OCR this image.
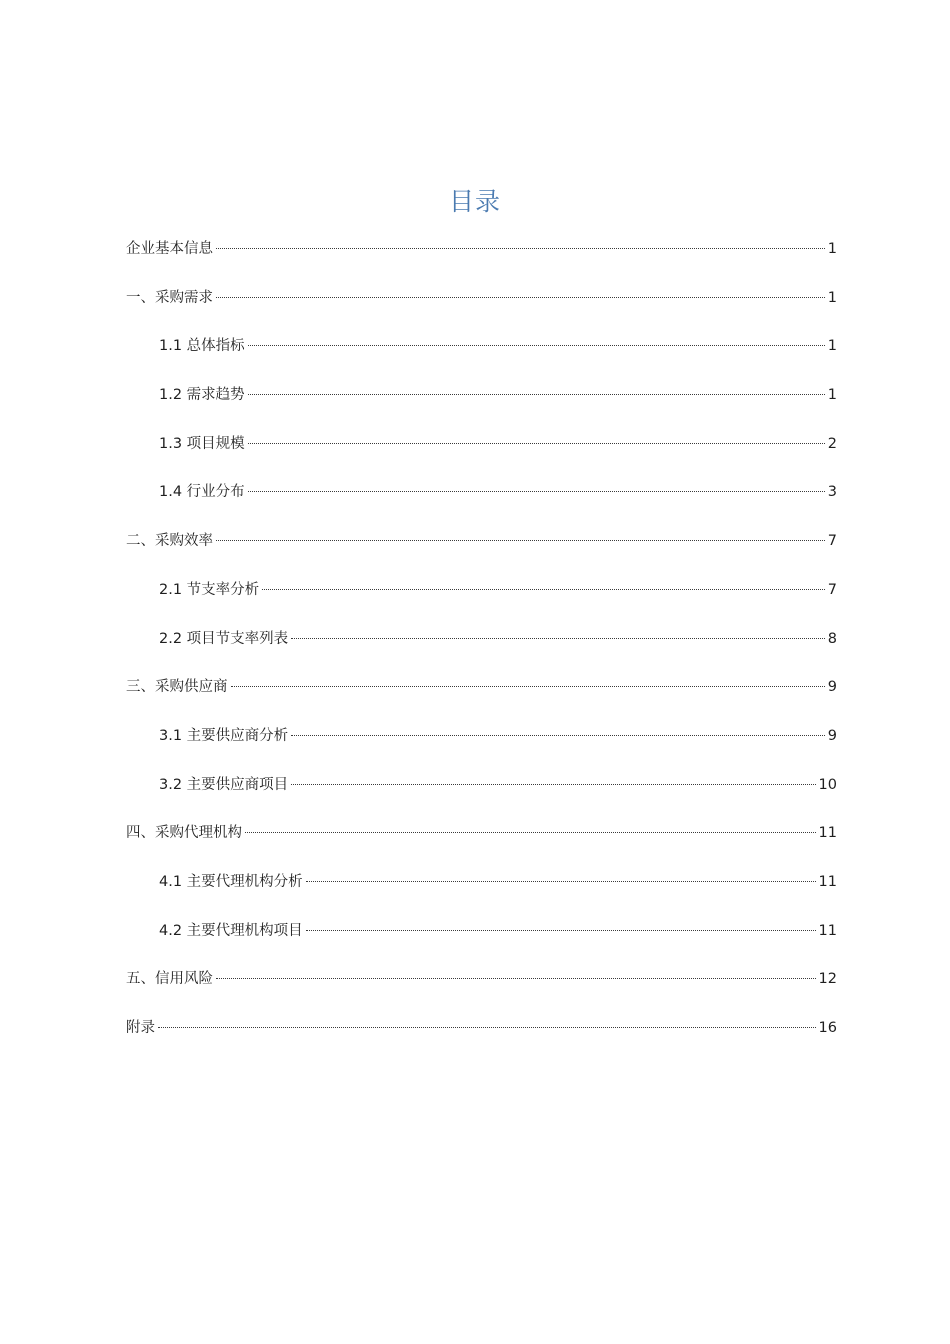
目录
企业基本信息	1
一、采购需求	1
1.1 总体指标	1
1.2 需求趋势	1
1.3 项目规模	2
1.4 行业分布	3
二、采购效率	7
2.1 节支率分析	7
2.2 项目节支率列表	8
三、采购供应商	9
3.1 主要供应商分析	9
3.2 主要供应商项目	10
四、采购代理机构	11
4.1 主要代理机构分析	11
4.2 主要代理机构项目	11
五、信用风险	12
附录	16
